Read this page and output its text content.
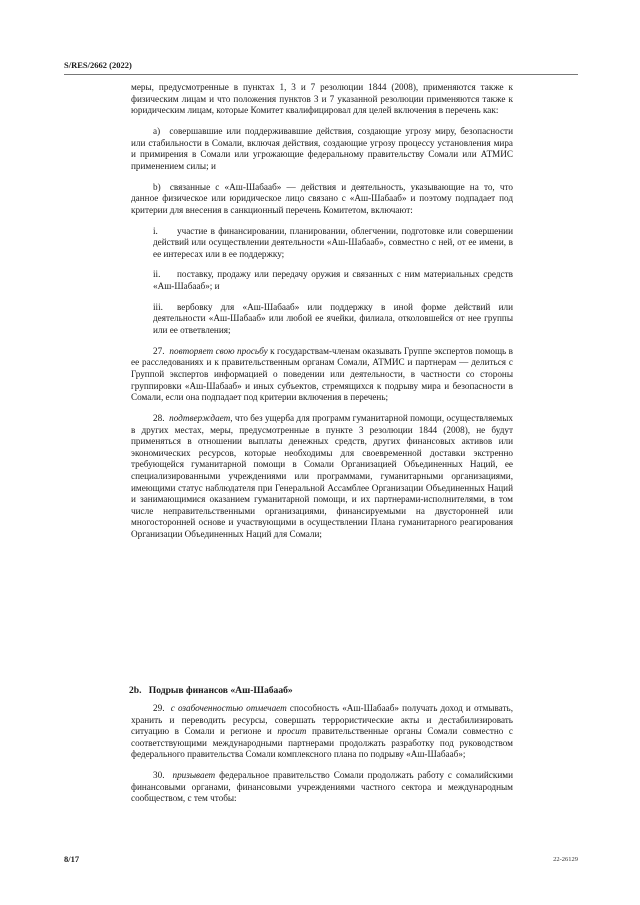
S/RES/2662 (2022)

меры, предусмотренные в пунктах 1, 3 и 7 резолюции 1844 (2008), применяются также к физическим лицам и что положения пунктов 3 и 7 указанной резолюции применяются также к юридическим лицам, которые Комитет квалифицировал для целей включения в перечень как:

a) совершавшие или поддерживавшие действия, создающие угрозу миру, безопасности или стабильности в Сомали, включая действия, создающие угрозу процессу установления мира и примирения в Сомали или угрожающие федеральному правительству Сомали или АТМИС применением силы; и

b) связанные с «Аш-Шабааб» — действия и деятельность, указывающие на то, что данное физическое или юридическое лицо связано с «Аш-Шабааб» и поэтому подпадает под критерии для внесения в санкционный перечень Комитетом, включают:

i. участие в финансировании, планировании, облегчении, подготовке или совершении действий или осуществлении деятельности «Аш-Шабааб», совместно с ней, от ее имени, в ее интересах или в ее поддержку;

ii. поставку, продажу или передачу оружия и связанных с ним материальных средств «Аш-Шабааб»; и

iii. вербовку для «Аш-Шабааб» или поддержку в иной форме действий или деятельности «Аш-Шабааб» или любой ее ячейки, филиала, отколовшейся от нее группы или ее ответвления;

27. повторяет свою просьбу к государствам-членам оказывать Группе экспертов помощь в ее расследованиях и к правительственным органам Сомали, АТМИС и партнерам — делиться с Группой экспертов информацией о поведении или деятельности, в частности со стороны группировки «Аш-Шабааб» и иных субъектов, стремящихся к подрыву мира и безопасности в Сомали, если она подпадает под критерии включения в перечень;

28. подтверждает, что без ущерба для программ гуманитарной помощи, осуществляемых в других местах, меры, предусмотренные в пункте 3 резолюции 1844 (2008), не будут применяться в отношении выплаты денежных средств, других финансовых активов или экономических ресурсов, которые необходимы для своевременной доставки экстренно требующейся гуманитарной помощи в Сомали Организацией Объединенных Наций, ее специализированными учреждениями или программами, гуманитарными организациями, имеющими статус наблюдателя при Генеральной Ассамблее Организации Объединенных Наций и занимающимися оказанием гуманитарной помощи, и их партнерами-исполнителями, в том числе неправительственными организациями, финансируемыми на двусторонней или многосторонней основе и участвующими в осуществлении Плана гуманитарного реагирования Организации Объединенных Наций для Сомали;

2b. Подрыв финансов «Аш-Шабааб»

29. с озабоченностью отмечает способность «Аш-Шабааб» получать доход и отмывать, хранить и переводить ресурсы, совершать террористические акты и дестабилизировать ситуацию в Сомали и регионе и просит правительственные органы Сомали совместно с соответствующими международными партнерами продолжать разработку под руководством федерального правительства Сомали комплексного плана по подрыву «Аш-Шабааб»;

30. призывает федеральное правительство Сомали продолжать работу с сомалийскими финансовыми органами, финансовыми учреждениями частного сектора и международным сообществом, с тем чтобы:

8/17	22-26129
